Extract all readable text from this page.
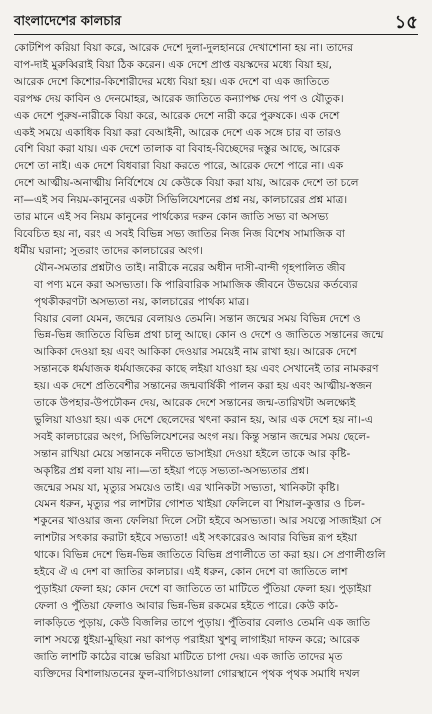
বাংলাদেশের কালচার	১৫
কোটশিপ করিয়া বিয়া করে, আরেক দেশে দুলা-দুলহানরে দেখাশোনা হয় না। তাদের
বাপ-দাই মুরুব্বিরাই বিয়া ঠিক করেন। এক দেশে প্রাপ্ত বয়স্কদের মধ্যে বিয়া হয়,
আরেক দেশে কিশোর-কিশোরীদের মধ্যে বিয়া হয়। এক দেশে বা এক জাতিতে
বরপক্ষ দেয় কাবিন ও দেনমোহর, আরেক জাতিতে কন্যাপক্ষ দেয় পণ ও যৌতুক।
এক দেশে পুরুষ-নারীকে বিয়া করে, আরেক দেশে নারী করে পুরুষকে। এক দেশে
একই সময়ে একাধিক বিয়া করা বেআইনী, আরেক দেশে এক সঙ্গে চার বা তারও
বেশি বিয়া করা যায়। এক দেশে তালাক বা বিবাহ-বিচ্ছেদের দস্তুর আছে, আরেক
দেশে তা নাই। এক দেশে বিধবারা বিয়া করতে পারে, আরেক দেশে পারে না। এক
দেশে আত্মীয়-অনাত্মীয় নির্বিশেষে যে কেউকে বিয়া করা যায়, আরেক দেশে তা চলে
না—এই সব নিয়ম-কানুনের একটা সিভিলিযেশনের প্রশ্ন নয়, কালচারের প্রশ্ন মাত্র।
তার মানে এই সব নিয়ম কানুনের পার্থক্যের দরুন কোন জাতি সভ্য বা অসভ্য
বিবেচিত হয় না, বরং এ সবই বিভিন্ন সভ্য জাতির নিজ নিজ বিশেষ সামাজিক বা
ধর্মীয় ঘরানা; সুতরাং তাদের কালচারের অংগ।
যৌন-সমতার প্রশ্নটাও তাই। নারীকে নরের অধীন দাসী-বান্দী গৃহপালিত জীব
বা পণ্য মনে করা অসভ্যতা। কি পারিবারিক সামাজিক জীবনে উভয়ের কর্তব্যের
পৃথকীকরণটা অসভ্যতা নয়, কালচারের পার্থক্য মাত্র।
বিয়ার বেলা যেমন, জন্মের বেলায়ও তেমনি। সন্তান জন্মের সময় বিভিন্ন দেশে ও
ভিন্ন-ভিন্ন জাতিতে বিভিন্ন প্রথা চালু আছে। কোন ও দেশে ও জাতিতে সন্তানের জন্মে
আকিকা দেওয়া হয় এবং আকিকা দেওয়ার সময়েই নাম রাখা হয়। আরেক দেশে
সন্তানকে ধর্মযাজক ধর্মযাজকের কাছে লইয়া যাওয়া হয় এবং সেখানেই তার নামকরণ
হয়। এক দেশে প্রতিবেশীর সন্তানের জন্মবার্ষিকী পালন করা হয় এবং আত্মীয়-স্বজন
তাকে উপহার-উপঢৌকন দেয়, আরেক দেশে সন্তানের জন্ম-তারিখটা অলক্ষ্যেই
ভুলিয়া যাওয়া হয়। এক দেশে ছেলেদের খৎনা করান হয়, আর এক দেশে হয় না।-এ
সবই কালচারের অংগ, সিভিলিযেশনের অংগ নয়। কিন্তু সন্তান জন্মের সময় ছেলে-
সন্তান রাখিয়া মেয়ে সন্তানকে নদীতে ভাসাইয়া দেওয়া হইলে তাকে আর কৃষ্টি-
অকৃষ্টির প্রশ্ন বলা যায় না।—তা হইয়া পড়ে সভ্যতা-অসভ্যতার প্রশ্ন।
জন্মের সময় যা, মৃত্যুর সময়েও তাই। এর খানিকটা সভ্যতা, খানিকটা কৃষ্টি।
যেমন ধরুন, মৃত্যুর পর লাশটার গোশত খাইয়া ফেলিলে বা শিয়াল-কুত্তার ও চিল-
শকুনের খাওয়ার জন্য ফেলিয়া দিলে সেটা হইবে অসভ্যতা। আর সযত্নে সাজাইয়া সে
লাশটার সৎকার করাটা হইবে সভ্যতা! এই সৎকারেরও আবার বিভিন্ন রূপ হইয়া
থাকে। বিভিন্ন দেশে ভিন্ন-ভিন্ন জাতিতে বিভিন্ন প্রণালীতে তা করা হয়। সে প্রণালীগুলি
হইবে ঐ এ দেশ বা জাতির কালচার। এই ধরুন, কোন দেশে বা জাতিতে লাশ
পুড়াইয়া ফেলা হয়; কোন দেশে বা জাতিতে তা মাটিতে পুঁতিয়া ফেলা হয়। পুড়াইয়া
ফেলা ও পুঁতিয়া ফেলাও আবার ভিন্ন-ভিন্ন রকমের হইতে পারে। কেউ কাঠ-
লাকড়িতে পুড়ায়, কেউ বিজলির তাপে পুড়ায়। পুঁতিবার বেলাও তেমনি এক জাতি
লাশ সযত্নে ধুইয়া-মুছিয়া নয়া কাপড় পরাইয়া খুশবু লাগাইয়া দাফন করে; আরেক
জাতি লাশটি কাঠের বাক্সে ভরিয়া মাটিতে চাপা দেয়। এক জাতি তাদের মৃত
ব্যক্তিদের বিশালায়তনের ফুল-বাগিচাওয়ালা গোরস্থানে পৃথক পৃথক সমাধি দখল
